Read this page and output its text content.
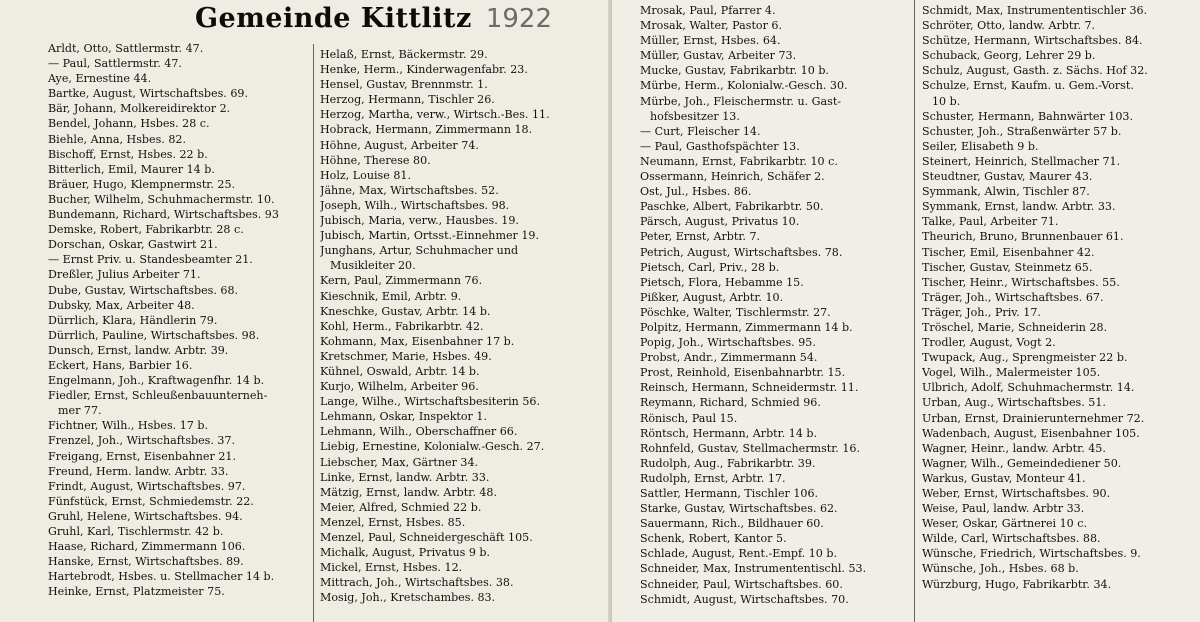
Gemeinde Kittlitz 1922
Arldt, Otto, Sattlermstr. 47.
— Paul, Sattlermstr. 47.
Aye, Ernestine 44.
Bartke, August, Wirtschaftsbes. 69.
Bär, Johann, Molkereidirektor 2.
Bendel, Johann, Hsbes. 28 c.
Biehle, Anna, Hsbes. 82.
Bischoff, Ernst, Hsbes. 22 b.
Bitterlich, Emil, Maurer 14 b.
Bräuer, Hugo, Klempnermstr. 25.
Bucher, Wilhelm, Schuhmachermstr. 10.
Bundemann, Richard, Wirtschaftsbes. 93
Demske, Robert, Fabrikarbtr. 28 c.
Dorschan, Oskar, Gastwirt 21.
— Ernst Priv. u. Standesbeamter 21.
Dreßler, Julius Arbeiter 71.
Dube, Gustav, Wirtschaftsbes. 68.
Dubsky, Max, Arbeiter 48.
Dürrlich, Klara, Händlerin 79.
Dürrlich, Pauline, Wirtschaftsbes. 98.
Dunsch, Ernst, landw. Arbtr. 39.
Eckert, Hans, Barbier 16.
Engelmann, Joh., Kraftwagenfhr. 14 b.
Fiedler, Ernst, Schleußenbauunterneh-
mer 77.
Fichtner, Wilh., Hsbes. 17 b.
Frenzel, Joh., Wirtschaftsbes. 37.
Freigang, Ernst, Eisenbahner 21.
Freund, Herm. landw. Arbtr. 33.
Frindt, August, Wirtschaftsbes. 97.
Fünfstück, Ernst, Schmiedemstr. 22.
Gruhl, Helene, Wirtschaftsbes. 94.
Gruhl, Karl, Tischlermstr. 42 b.
Haase, Richard, Zimmermann 106.
Hanske, Ernst, Wirtschaftsbes. 89.
Hartebrodt, Hsbes. u. Stellmacher 14 b.
Heinke, Ernst, Platzmeister 75.
Helaß, Ernst, Bäckermstr. 29.
Henke, Herm., Kinderwagenfabr. 23.
Hensel, Gustav, Brennmstr. 1.
Herzog, Hermann, Tischler 26.
Herzog, Martha, verw., Wirtsch.-Bes. 11.
Hobrack, Hermann, Zimmermann 18.
Höhne, August, Arbeiter 74.
Höhne, Therese 80.
Holz, Louise 81.
Jähne, Max, Wirtschaftsbes. 52.
Joseph, Wilh., Wirtschaftsbes. 98.
Jubisch, Maria, verw., Hausbes. 19.
Jubisch, Martin, Ortsst.-Einnehmer 19.
Junghans, Artur, Schuhmacher und
Musikleiter 20.
Kern, Paul, Zimmermann 76.
Kieschnik, Emil, Arbtr. 9.
Kneschke, Gustav, Arbtr. 14 b.
Kohl, Herm., Fabrikarbtr. 42.
Kohmann, Max, Eisenbahner 17 b.
Kretschmer, Marie, Hsbes. 49.
Kühnel, Oswald, Arbtr. 14 b.
Kurjo, Wilhelm, Arbeiter 96.
Lange, Wilhe., Wirtschaftsbesiterin 56.
Lehmann, Oskar, Inspektor 1.
Lehmann, Wilh., Oberschaffner 66.
Liebig, Ernestine, Kolonialw.-Gesch. 27.
Liebscher, Max, Gärtner 34.
Linke, Ernst, landw. Arbtr. 33.
Mätzig, Ernst, landw. Arbtr. 48.
Meier, Alfred, Schmied 22 b.
Menzel, Ernst, Hsbes. 85.
Menzel, Paul, Schneidergeschäft 105.
Michalk, August, Privatus 9 b.
Mickel, Ernst, Hsbes. 12.
Mittrach, Joh., Wirtschaftsbes. 38.
Mosig, Joh., Kretschambes. 83.
Mrosak, Paul, Pfarrer 4.
Mrosak, Walter, Pastor 6.
Müller, Ernst, Hsbes. 64.
Müller, Gustav, Arbeiter 73.
Mucke, Gustav, Fabrikarbtr. 10 b.
Mürbe, Herm., Kolonialw.-Gesch. 30.
Mürbe, Joh., Fleischermstr. u. Gast-
hofsbesitzer 13.
— Curt, Fleischer 14.
— Paul, Gasthofspächter 13.
Neumann, Ernst, Fabrikarbtr. 10 c.
Ossermann, Heinrich, Schäfer 2.
Ost, Jul., Hsbes. 86.
Paschke, Albert, Fabrikarbtr. 50.
Pärsch, August, Privatus 10.
Peter, Ernst, Arbtr. 7.
Petrich, August, Wirtschaftsbes. 78.
Pietsch, Carl, Priv., 28 b.
Pietsch, Flora, Hebamme 15.
Pißker, August, Arbtr. 10.
Pöschke, Walter, Tischlermstr. 27.
Polpitz, Hermann, Zimmermann 14 b.
Popig, Joh., Wirtschaftsbes. 95.
Probst, Andr., Zimmermann 54.
Prost, Reinhold, Eisenbahnarbtr. 15.
Reinsch, Hermann, Schneidermstr. 11.
Reymann, Richard, Schmied 96.
Rönisch, Paul 15.
Röntsch, Hermann, Arbtr. 14 b.
Rohnfeld, Gustav, Stellmachermstr. 16.
Rudolph, Aug., Fabrikarbtr. 39.
Rudolph, Ernst, Arbtr. 17.
Sattler, Hermann, Tischler 106.
Starke, Gustav, Wirtschaftsbes. 62.
Sauermann, Rich., Bildhauer 60.
Schenk, Robert, Kantor 5.
Schlade, August, Rent.-Empf. 10 b.
Schneider, Max, Instrumententischl. 53.
Schneider, Paul, Wirtschaftsbes. 60.
Schmidt, August, Wirtschaftsbes. 70.
Schmidt, Max, Instrumententischler 36.
Schröter, Otto, landw. Arbtr. 7.
Schütze, Hermann, Wirtschaftsbes. 84.
Schuback, Georg, Lehrer 29 b.
Schulz, August, Gasth. z. Sächs. Hof 32.
Schulze, Ernst, Kaufm. u. Gem.-Vorst.
10 b.
Schuster, Hermann, Bahnwärter 103.
Schuster, Joh., Straßenwärter 57 b.
Seiler, Elisabeth 9 b.
Steinert, Heinrich, Stellmacher 71.
Steudtner, Gustav, Maurer 43.
Symmank, Alwin, Tischler 87.
Symmank, Ernst, landw. Arbtr. 33.
Talke, Paul, Arbeiter 71.
Theurich, Bruno, Brunnenbauer 61.
Tischer, Emil, Eisenbahner 42.
Tischer, Gustav, Steinmetz 65.
Tischer, Heinr., Wirtschaftsbes. 55.
Träger, Joh., Wirtschaftsbes. 67.
Träger, Joh., Priv. 17.
Tröschel, Marie, Schneiderin 28.
Trodler, August, Vogt 2.
Twupack, Aug., Sprengmeister 22 b.
Vogel, Wilh., Malermeister 105.
Ulbrich, Adolf, Schuhmachermstr. 14.
Urban, Aug., Wirtschaftsbes. 51.
Urban, Ernst, Drainierunternehmer 72.
Wadenbach, August, Eisenbahner 105.
Wagner, Heinr., landw. Arbtr. 45.
Wagner, Wilh., Gemeindediener 50.
Warkus, Gustav, Monteur 41.
Weber, Ernst, Wirtschaftsbes. 90.
Weise, Paul, landw. Arbtr 33.
Weser, Oskar, Gärtnerei 10 c.
Wilde, Carl, Wirtschaftsbes. 88.
Wünsche, Friedrich, Wirtschaftsbes. 9.
Wünsche, Joh., Hsbes. 68 b.
Würzburg, Hugo, Fabrikarbtr. 34.
